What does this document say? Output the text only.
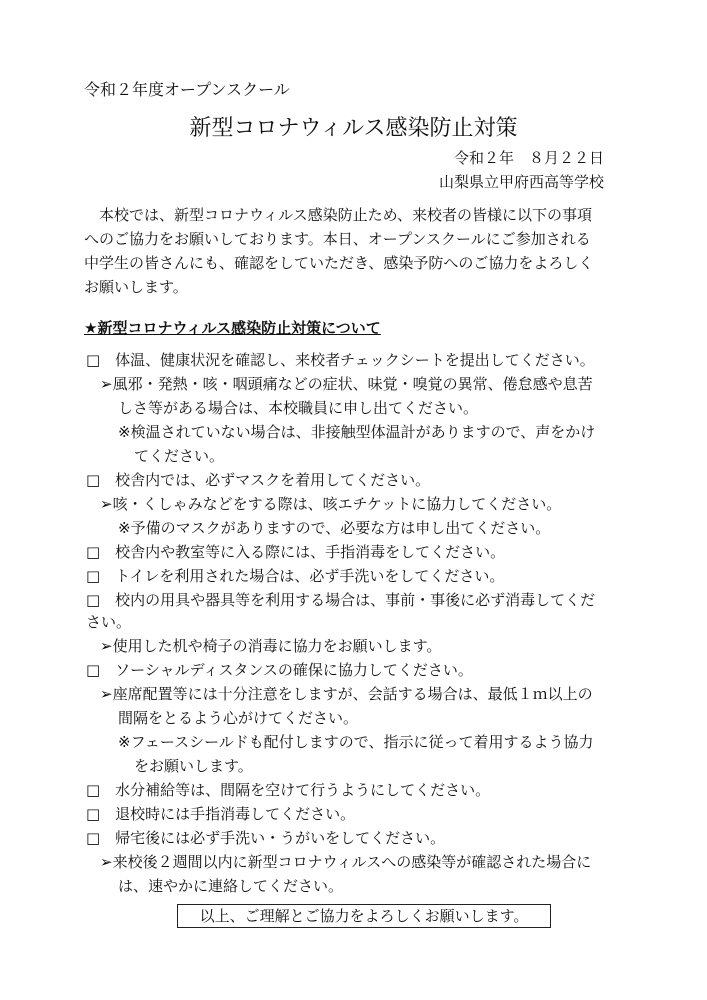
令和２年度オープンスクール
新型コロナウィルス感染防止対策
令和２年　８月２２日
山梨県立甲府西高等学校
　本校では、新型コロナウィルス感染防止ため、来校者の皆様に以下の事項
へのご協力をお願いしております。本日、オープンスクールにご参加される
中学生の皆さんにも、確認をしていただき、感染予防へのご協力をよろしく
お願いします。
★新型コロナウィルス感染防止対策について
□　体温、健康状況を確認し、来校者チェックシートを提出してください。
➢風邪・発熱・咳・咽頭痛などの症状、味覚・嗅覚の異常、倦怠感や息苦
しさ等がある場合は、本校職員に申し出てください。
※検温されていない場合は、非接触型体温計がありますので、声をかけ
てください。
□　校舎内では、必ずマスクを着用してください。
➢咳・くしゃみなどをする際は、咳エチケットに協力してください。
※予備のマスクがありますので、必要な方は申し出てください。
□　校舎内や教室等に入る際には、手指消毒をしてください。
□　トイレを利用された場合は、必ず手洗いをしてください。
□　校内の用具や器具等を利用する場合は、事前・事後に必ず消毒してくだ
さい。
➢使用した机や椅子の消毒に協力をお願いします。
□　ソーシャルディスタンスの確保に協力してください。
➢座席配置等には十分注意をしますが、会話する場合は、最低１ｍ以上の
間隔をとるよう心がけてください。
※フェースシールドも配付しますので、指示に従って着用するよう協力
をお願いします。
□　水分補給等は、間隔を空けて行うようにしてください。
□　退校時には手指消毒してください。
□　帰宅後には必ず手洗い・うがいをしてください。
➢来校後２週間以内に新型コロナウィルスへの感染等が確認された場合に
は、速やかに連絡してください。
以上、ご理解とご協力をよろしくお願いします。
